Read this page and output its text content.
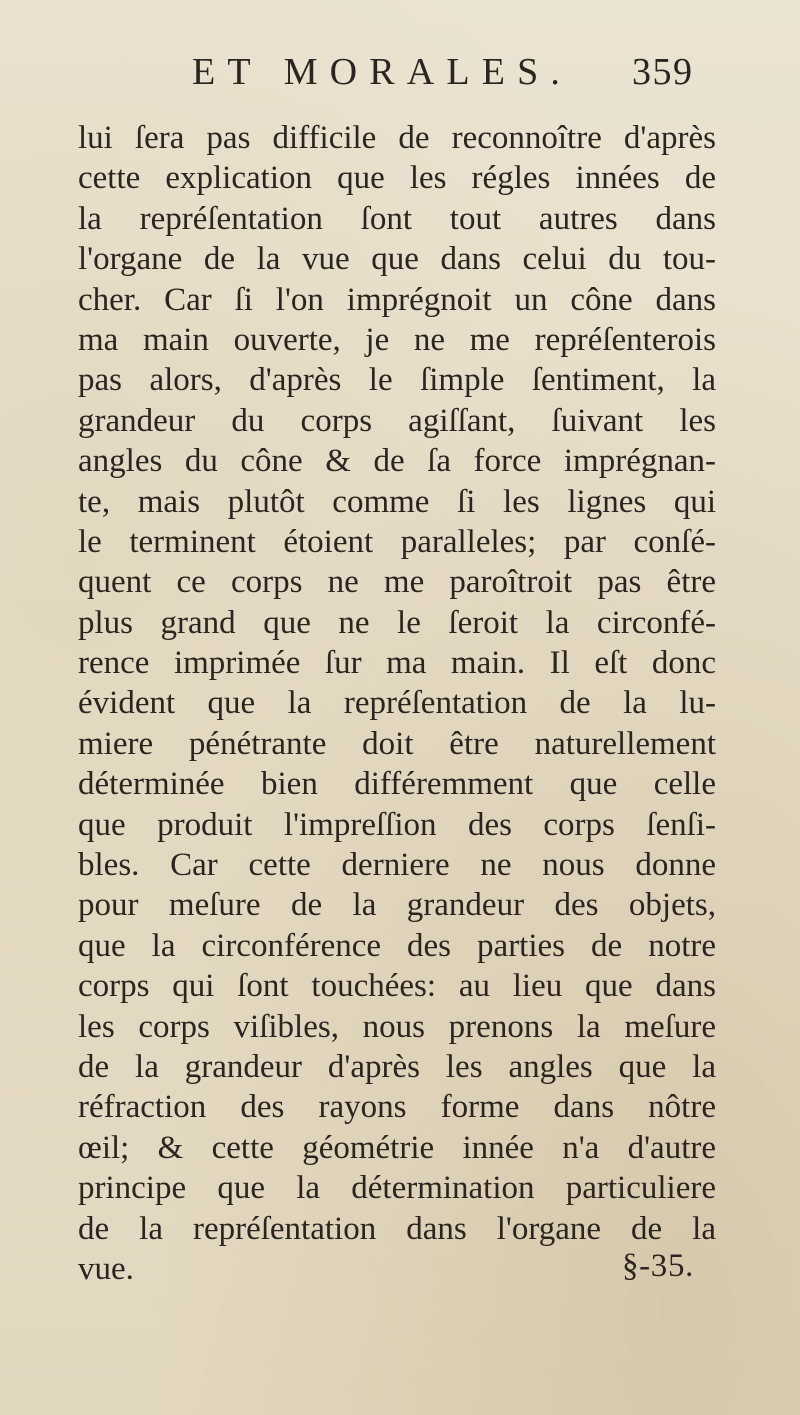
ET MORALES. 359
lui ſera pas difficile de reconnoître d'après
cette explication que les régles innées de
la repréſentation ſont tout autres dans
l'organe de la vue que dans celui du tou-
cher. Car ſi l'on imprégnoit un cône dans
ma main ouverte, je ne me repréſenterois
pas alors, d'après le ſimple ſentiment, la
grandeur du corps agiſſant, ſuivant les
angles du cône & de ſa force imprégnan-
te, mais plutôt comme ſi les lignes qui
le terminent étoient paralleles; par conſé-
quent ce corps ne me paroîtroit pas être
plus grand que ne le ſeroit la circonfé-
rence imprimée ſur ma main. Il eſt donc
évident que la repréſentation de la lu-
miere pénétrante doit être naturellement
déterminée bien différemment que celle
que produit l'impreſſion des corps ſenſi-
bles. Car cette derniere ne nous donne
pour meſure de la grandeur des objets,
que la circonférence des parties de notre
corps qui ſont touchées: au lieu que dans
les corps viſibles, nous prenons la meſure
de la grandeur d'après les angles que la
réfraction des rayons forme dans nôtre
œil; & cette géométrie innée n'a d'autre
principe que la détermination particuliere
de la repréſentation dans l'organe de la
vue.	§-35.
